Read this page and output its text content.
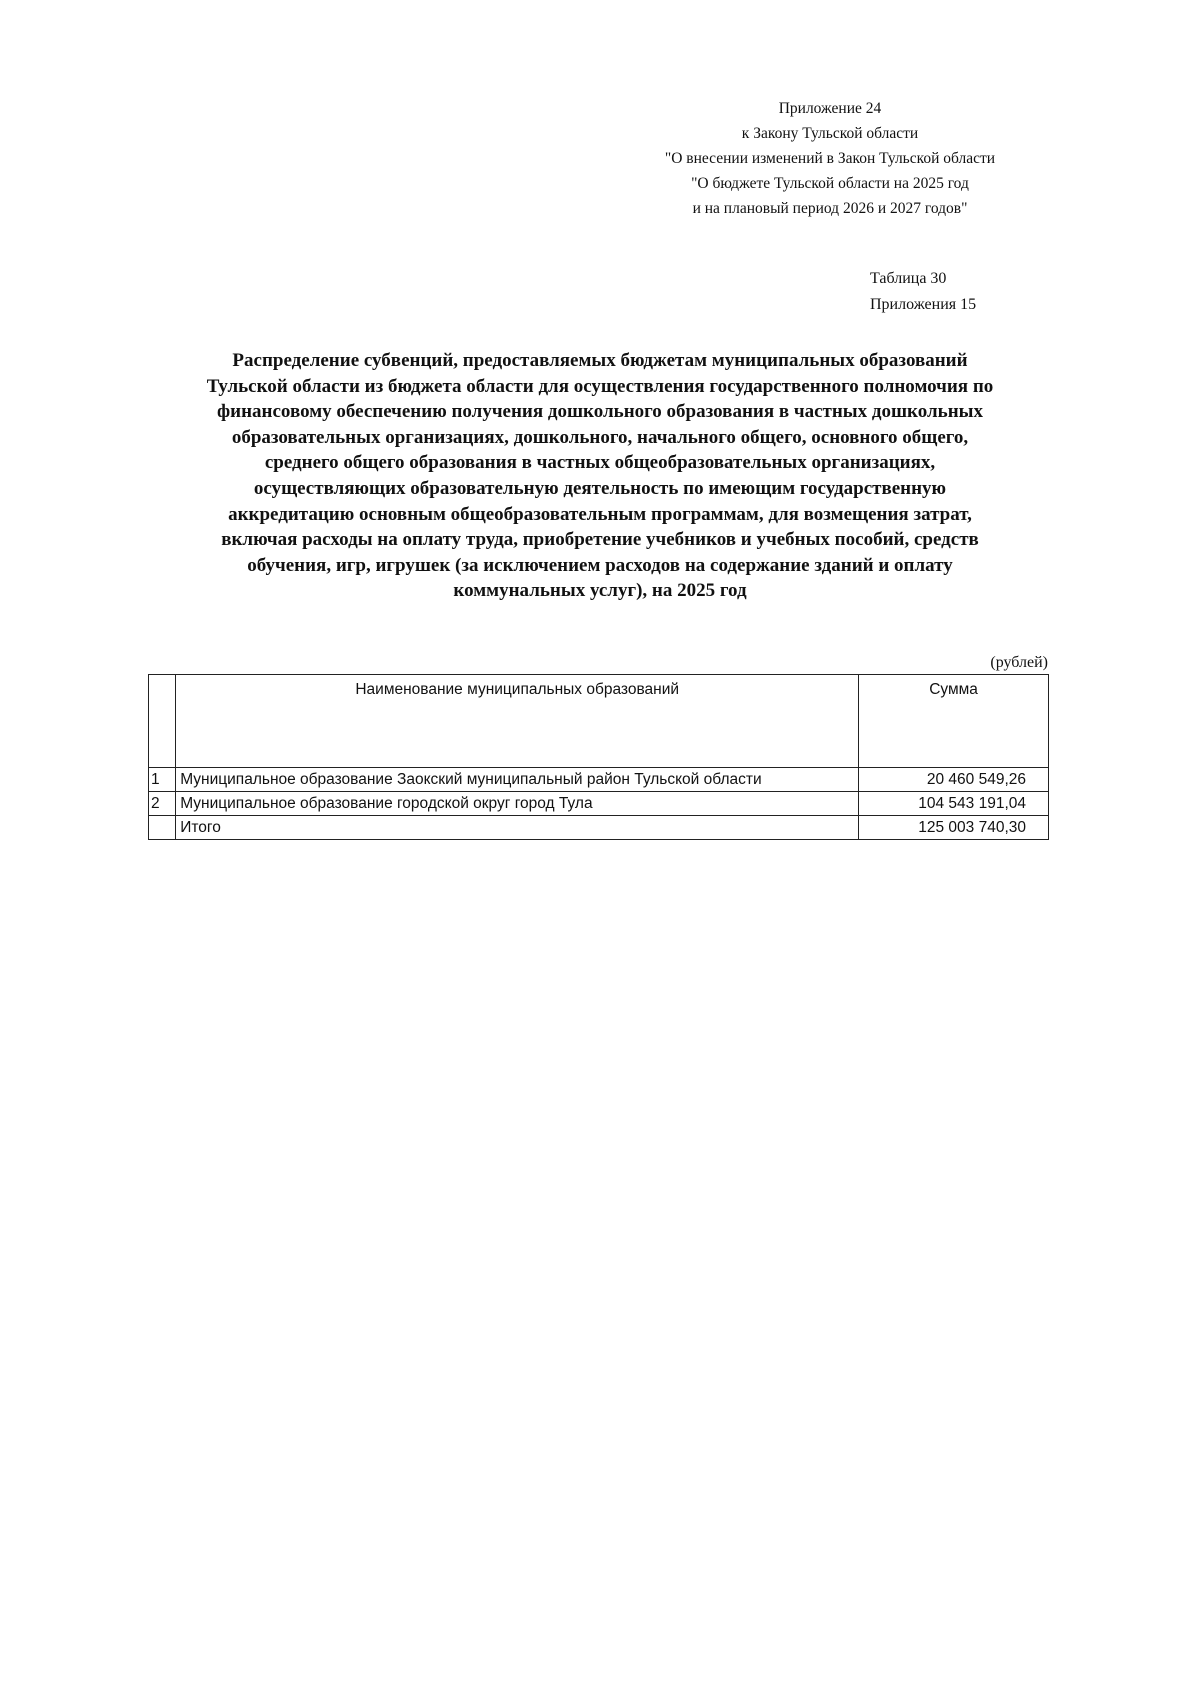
Приложение 24
к Закону Тульской области
"О внесении изменений в Закон Тульской области
"О бюджете Тульской области на 2025 год
и на плановый период 2026 и 2027 годов"
Таблица 30
Приложения 15
Распределение субвенций, предоставляемых бюджетам муниципальных образований
Тульской области из бюджета области для осуществления государственного полномочия по
финансовому обеспечению получения дошкольного образования в частных дошкольных
образовательных организациях, дошкольного, начального общего, основного общего,
среднего общего образования в частных общеобразовательных организациях,
осуществляющих образовательную деятельность по имеющим государственную
аккредитацию основным общеобразовательным программам, для возмещения затрат,
включая расходы на оплату труда, приобретение учебников и учебных пособий, средств
обучения, игр, игрушек (за исключением расходов на содержание зданий и оплату
коммунальных услуг), на 2025 год
(рублей)
	Наименование муниципальных образований	Сумма
1	Муниципальное образование Заокский муниципальный район Тульской области	20 460 549,26
2	Муниципальное образование городской округ город Тула	104 543 191,04
	Итого	125 003 740,30
